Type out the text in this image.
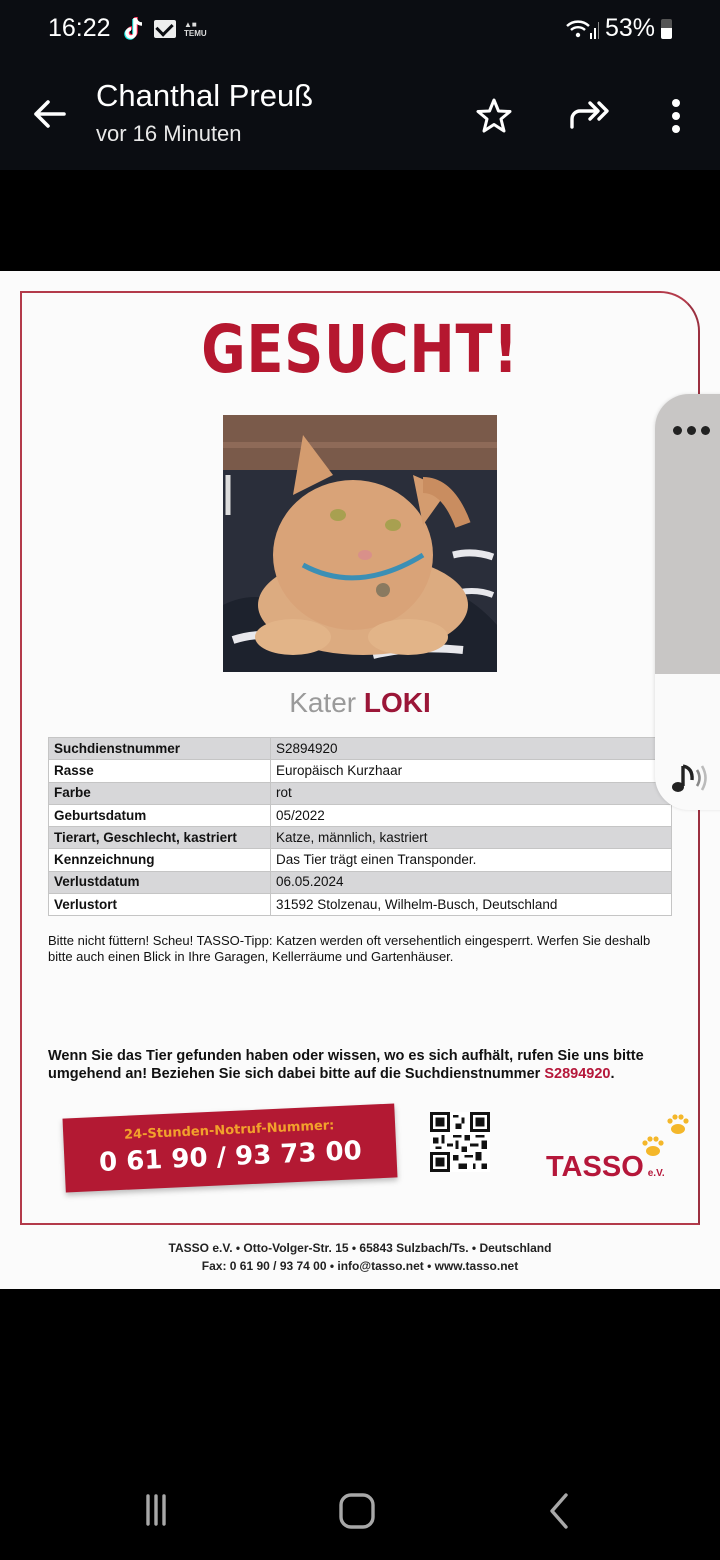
16:22	▲■
TEMU	53%
Chanthal Preuß
vor 16 Minuten
GESUCHT!
Kater LOKI
Suchdienstnummer	S2894920
Rasse	Europäisch Kurzhaar
Farbe	rot
Geburtsdatum	05/2022
Tierart, Geschlecht, kastriert	Katze, männlich, kastriert
Kennzeichnung	Das Tier trägt einen Transponder.
Verlustdatum	06.05.2024
Verlustort	31592 Stolzenau, Wilhelm-Busch, Deutschland
Bitte nicht füttern! Scheu! TASSO-Tipp: Katzen werden oft versehentlich eingesperrt. Werfen Sie deshalb bitte auch einen Blick in Ihre Garagen, Kellerräume und Gartenhäuser.
Wenn Sie das Tier gefunden haben oder wissen, wo es sich aufhält, rufen Sie uns bitte umgehend an! Beziehen Sie sich dabei bitte auf die Suchdienstnummer S2894920.
24-Stunden-Notruf-Nummer:
0 61 90 / 93 73 00	TASSO e.V.
TASSO e.V. • Otto-Volger-Str. 15 • 65843 Sulzbach/Ts. • Deutschland
Fax: 0 61 90 / 93 74 00 • info@tasso.net • www.tasso.net
